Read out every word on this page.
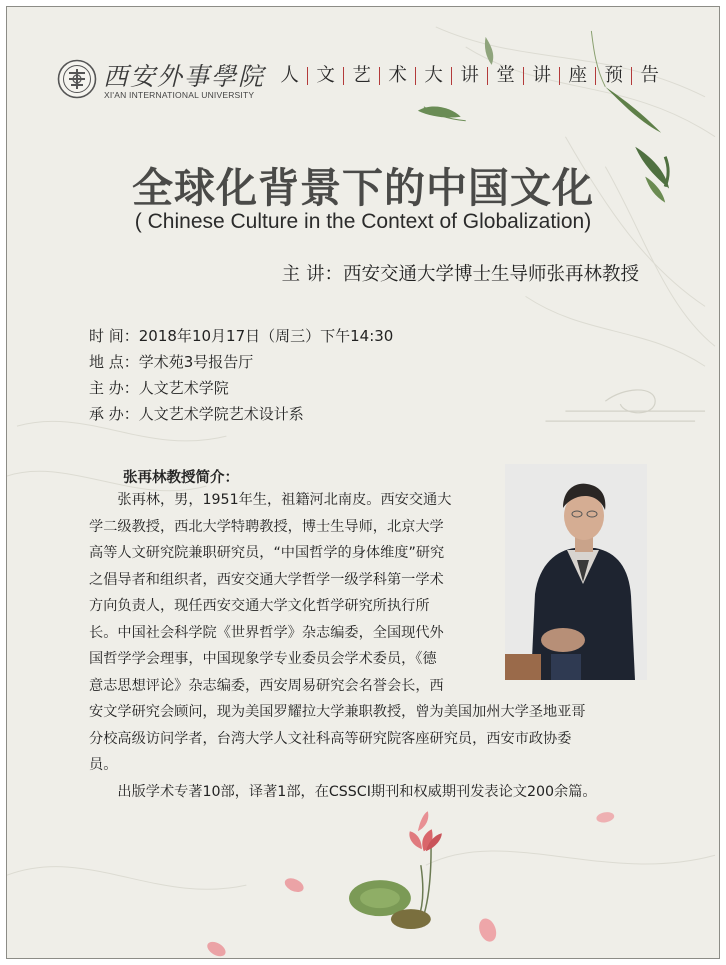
西安外事學院
XI'AN INTERNATIONAL UNIVERSITY
人 文 艺 术 大 讲 堂 讲 座 预 告
全球化背景下的中国文化
( Chinese Culture in the Context of Globalization)
主 讲：西安交通大学博士生导师张再林教授
时 间：2018年10月17日（周三）下午14:30
地 点：学术苑3号报告厅
主 办：人文艺术学院
承 办：人文艺术学院艺术设计系
张再林教授简介：
　　张再林，男，1951年生，祖籍河北南皮。西安交通大
学二级教授，西北大学特聘教授，博士生导师，北京大学
高等人文研究院兼职研究员，“中国哲学的身体维度”研究
之倡导者和组织者，西安交通大学哲学一级学科第一学术
方向负责人，现任西安交通大学文化哲学研究所执行所
长。中国社会科学院《世界哲学》杂志编委，全国现代外
国哲学学会理事，中国现象学专业委员会学术委员，《德
意志思想评论》杂志编委，西安周易研究会名誉会长，西
安文学研究会顾问，现为美国罗耀拉大学兼职教授，曾为美国加州大学圣地亚哥
分校高级访问学者，台湾大学人文社科高等研究院客座研究员，西安市政协委
员。
　　出版学术专著10部，译著1部，在CSSCI期刊和权威期刊发表论文200余篇。
